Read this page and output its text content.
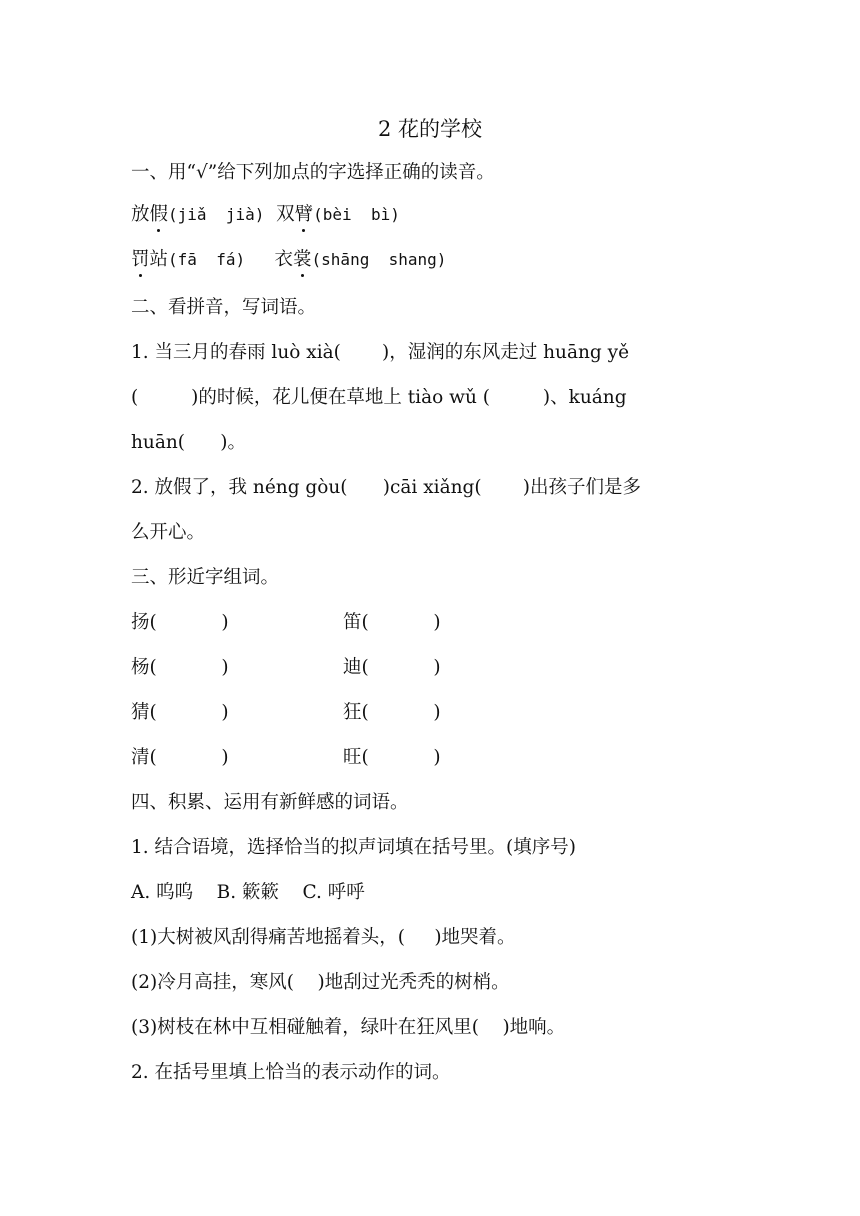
2 花的学校
一、用“√”给下列加点的字选择正确的读音。
放假(jiǎ  jià) 双臂(bèi  bì)
罚站(fā  fá) 衣裳(shāng  shang)
二、看拼音，写词语。
1. 当三月的春雨 luò xià(       )，湿润的东风走过 huāng yě
(         )的时候，花儿便在草地上 tiào wǔ (         )、kuáng
huān(      )。
2. 放假了，我 néng gòu(      )cāi xiǎng(       )出孩子们是多
么开心。
三、形近字组词。
扬(           )	笛(           )
杨(           )	迪(           )
猜(           )	狂(           )
清(           )	旺(           )
四、积累、运用有新鲜感的词语。
1. 结合语境，选择恰当的拟声词填在括号里。(填序号)
A. 呜呜    B. 簌簌    C. 呼呼
(1)大树被风刮得痛苦地摇着头，(     )地哭着。
(2)冷月高挂，寒风(    )地刮过光秃秃的树梢。
(3)树枝在林中互相碰触着，绿叶在狂风里(    )地响。
2. 在括号里填上恰当的表示动作的词。
